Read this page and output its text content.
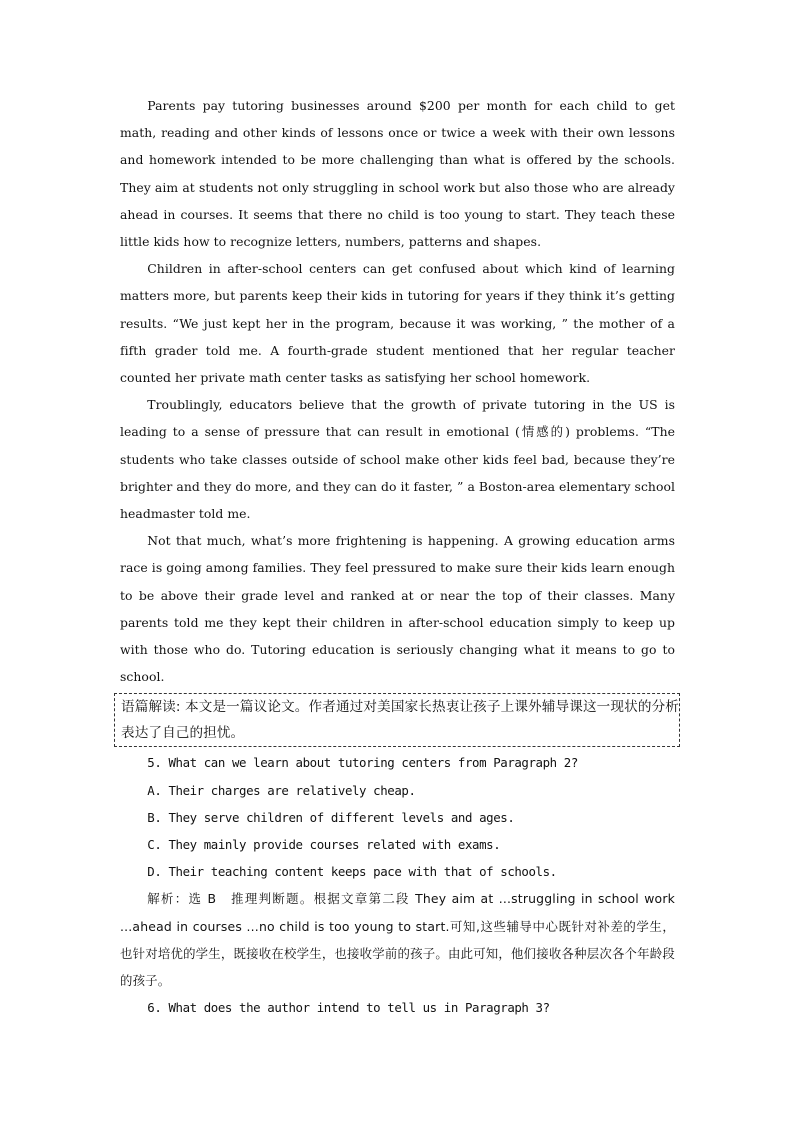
Parents pay tutoring businesses around $200 per month for each child to get math, reading and other kinds of lessons once or twice a week with their own lessons and homework intended to be more challenging than what is offered by the schools. They aim at students not only struggling in school work but also those who are already ahead in courses. It seems that there no child is too young to start. They teach these little kids how to recognize letters, numbers, patterns and shapes.

Children in after-school centers can get confused about which kind of learning matters more, but parents keep their kids in tutoring for years if they think it’s getting results. “We just kept her in the program, because it was working, ” the mother of a fifth grader told me. A fourth-grade student mentioned that her regular teacher counted her private math center tasks as satisfying her school homework.

Troublingly, educators believe that the growth of private tutoring in the US is leading to a sense of pressure that can result in emotional (情感的) problems. “The students who take classes outside of school make other kids feel bad, because they’re brighter and they do more, and they can do it faster, ” a Boston-area elementary school headmaster told me.

Not that much, what’s more frightening is happening. A growing education arms race is going among families. They feel pressured to make sure their kids learn enough to be above their grade level and ranked at or near the top of their classes. Many parents told me they kept their children in after-school education simply to keep up with those who do. Tutoring education is seriously changing what it means to go to school.

语篇解读: 本文是一篇议论文。作者通过对美国家长热衷让孩子上课外辅导课这一现状的分析表达了自己的担忧。

5. What can we learn about tutoring centers from Paragraph 2?

A. Their charges are relatively cheap.

B. They serve children of different levels and ages.

C. They mainly provide courses related with exams.

D. Their teaching content keeps pace with that of schools.

解析：选 B　推理判断题。根据文章第二段 They aim at ...struggling in school work ...ahead in courses ...no child is too young to start.可知,这些辅导中心既针对补差的学生，也针对培优的学生，既接收在校学生，也接收学前的孩子。由此可知，他们接收各种层次各个年龄段的孩子。

6. What does the author intend to tell us in Paragraph 3?
